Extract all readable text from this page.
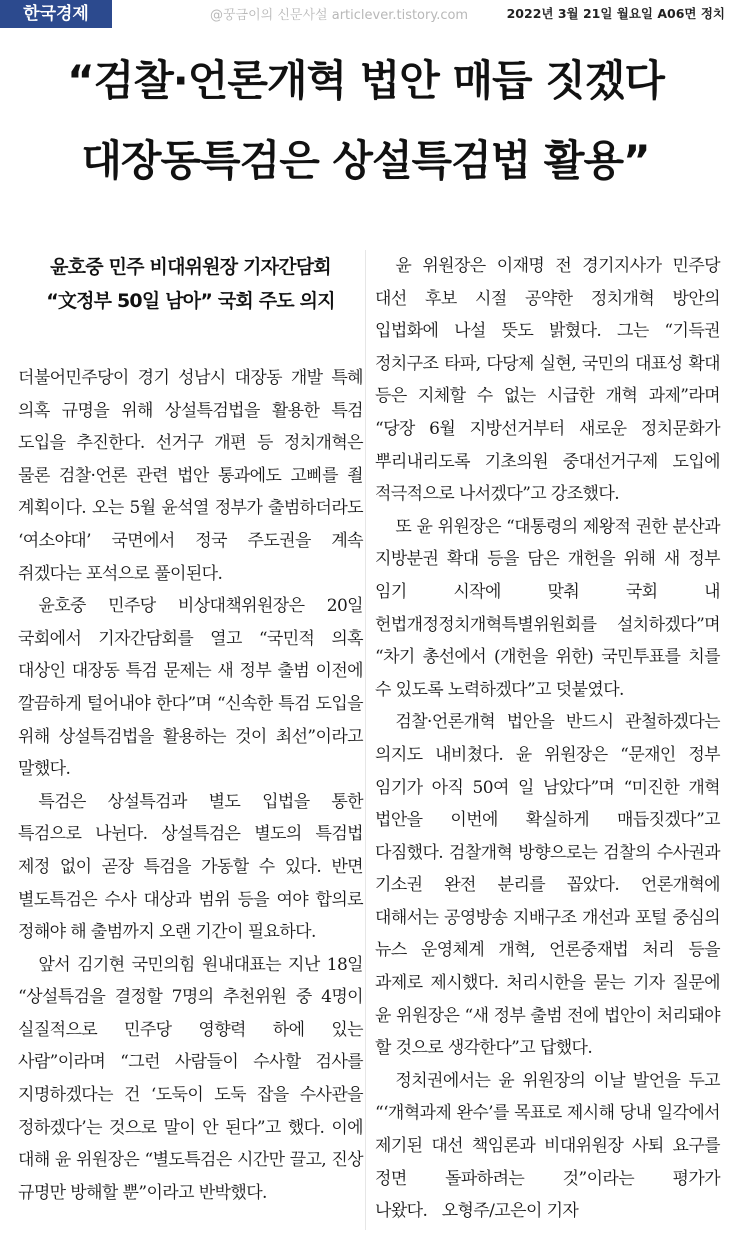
한국경제	@꿍금이의 신문사설 articlever.tistory.com	2022년 3월 21일 월요일 A06면 정치
“검찰·언론개혁 법안 매듭 짓겠다
대장동특검은 상설특검법 활용”
윤호중 민주 비대위원장 기자간담회
“文정부 50일 남아” 국회 주도 의지

더불어민주당이 경기 성남시 대장동 개발 특혜 의혹 규명을 위해 상설특검법을 활용한 특검 도입을 추진한다. 선거구 개편 등 정치개혁은 물론 검찰·언론 관련 법안 통과에도 고삐를 죌 계획이다. 오는 5월 윤석열 정부가 출범하더라도 ‘여소야대’ 국면에서 정국 주도권을 계속 쥐겠다는 포석으로 풀이된다.

윤호중 민주당 비상대책위원장은 20일 국회에서 기자간담회를 열고 “국민적 의혹 대상인 대장동 특검 문제는 새 정부 출범 이전에 깔끔하게 털어내야 한다”며 “신속한 특검 도입을 위해 상설특검법을 활용하는 것이 최선”이라고 말했다.

특검은 상설특검과 별도 입법을 통한 특검으로 나뉜다. 상설특검은 별도의 특검법 제정 없이 곧장 특검을 가동할 수 있다. 반면 별도특검은 수사 대상과 범위 등을 여야 합의로 정해야 해 출범까지 오랜 기간이 필요하다.

앞서 김기현 국민의힘 원내대표는 지난 18일 “상설특검을 결정할 7명의 추천위원 중 4명이 실질적으로 민주당 영향력 하에 있는 사람”이라며 “그런 사람들이 수사할 검사를 지명하겠다는 건 ‘도둑이 도둑 잡을 수사관을 정하겠다’는 것으로 말이 안 된다”고 했다. 이에 대해 윤 위원장은 “별도특검은 시간만 끌고, 진상 규명만 방해할 뿐”이라고 반박했다.

윤 위원장은 이재명 전 경기지사가 민주당 대선 후보 시절 공약한 정치개혁 방안의 입법화에 나설 뜻도 밝혔다. 그는 “기득권 정치구조 타파, 다당제 실현, 국민의 대표성 확대 등은 지체할 수 없는 시급한 개혁 과제”라며 “당장 6월 지방선거부터 새로운 정치문화가 뿌리내리도록 기초의원 중대선거구제 도입에 적극적으로 나서겠다”고 강조했다.

또 윤 위원장은 “대통령의 제왕적 권한 분산과 지방분권 확대 등을 담은 개헌을 위해 새 정부 임기 시작에 맞춰 국회 내 헌법개정정치개혁특별위원회를 설치하겠다”며 “차기 총선에서 (개헌을 위한) 국민투표를 치를 수 있도록 노력하겠다”고 덧붙였다.

검찰·언론개혁 법안을 반드시 관철하겠다는 의지도 내비쳤다. 윤 위원장은 “문재인 정부 임기가 아직 50여 일 남았다”며 “미진한 개혁 법안을 이번에 확실하게 매듭짓겠다”고 다짐했다. 검찰개혁 방향으로는 검찰의 수사권과 기소권 완전 분리를 꼽았다. 언론개혁에 대해서는 공영방송 지배구조 개선과 포털 중심의 뉴스 운영체계 개혁, 언론중재법 처리 등을 과제로 제시했다. 처리시한을 묻는 기자 질문에 윤 위원장은 “새 정부 출범 전에 법안이 처리돼야 할 것으로 생각한다”고 답했다.

정치권에서는 윤 위원장의 이날 발언을 두고 “‘개혁과제 완수’를 목표로 제시해 당내 일각에서 제기된 대선 책임론과 비대위원장 사퇴 요구를 정면 돌파하려는 것”이라는 평가가 나왔다. 오형주/고은이 기자
